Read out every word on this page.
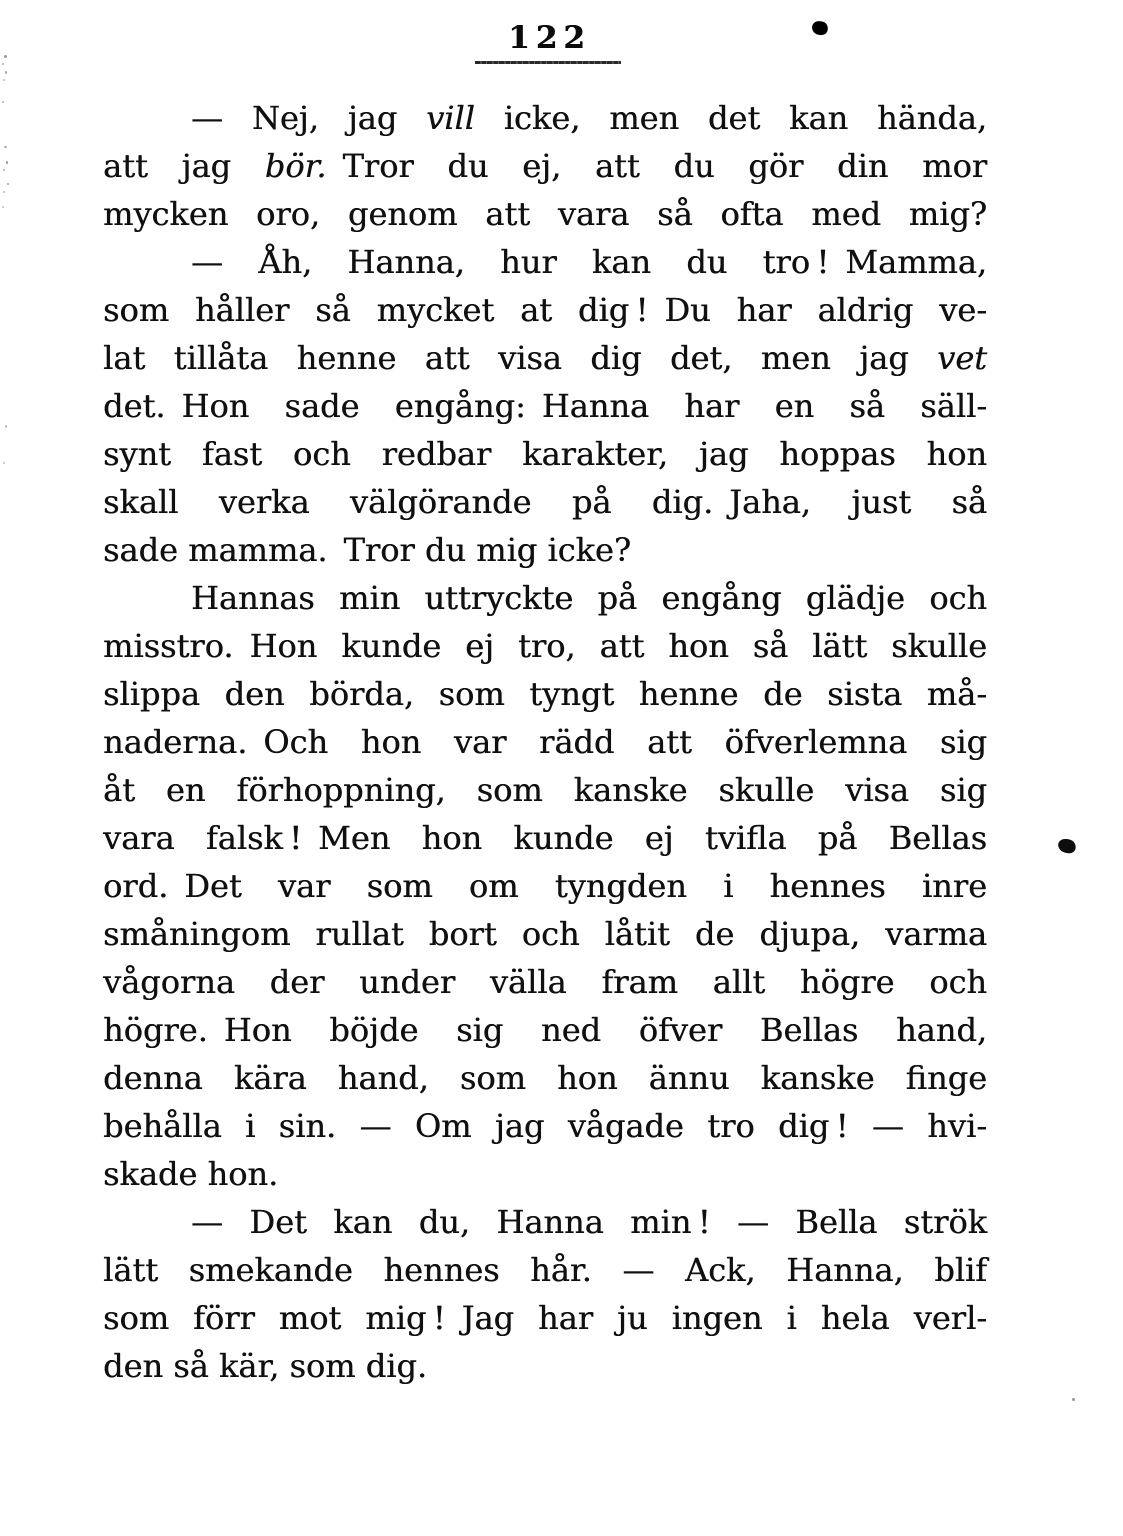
122
— Nej, jag vill icke, men det kan hända,
att jag bör. Tror du ej, att du gör din mor
mycken oro, genom att vara så ofta med mig?
— Åh, Hanna, hur kan du tro ! Mamma,
som håller så mycket at dig ! Du har aldrig ve-
lat tillåta henne att visa dig det, men jag vet
det. Hon sade engång: Hanna har en så säll-
synt fast och redbar karakter, jag hoppas hon
skall verka välgörande på dig. Jaha, just så
sade mamma. Tror du mig icke?
Hannas min uttryckte på engång glädje och
misstro. Hon kunde ej tro, att hon så lätt skulle
slippa den börda, som tyngt henne de sista må-
naderna. Och hon var rädd att öfverlemna sig
åt en förhoppning, som kanske skulle visa sig
vara falsk ! Men hon kunde ej tvifla på Bellas
ord. Det var som om tyngden i hennes inre
småningom rullat bort och låtit de djupa, varma
vågorna der under välla fram allt högre och
högre. Hon böjde sig ned öfver Bellas hand,
denna kära hand, som hon ännu kanske finge
behålla i sin. — Om jag vågade tro dig ! — hvi-
skade hon.
— Det kan du, Hanna min ! — Bella strök
lätt smekande hennes hår. — Ack, Hanna, blif
som förr mot mig ! Jag har ju ingen i hela verl-
den så kär, som dig.
